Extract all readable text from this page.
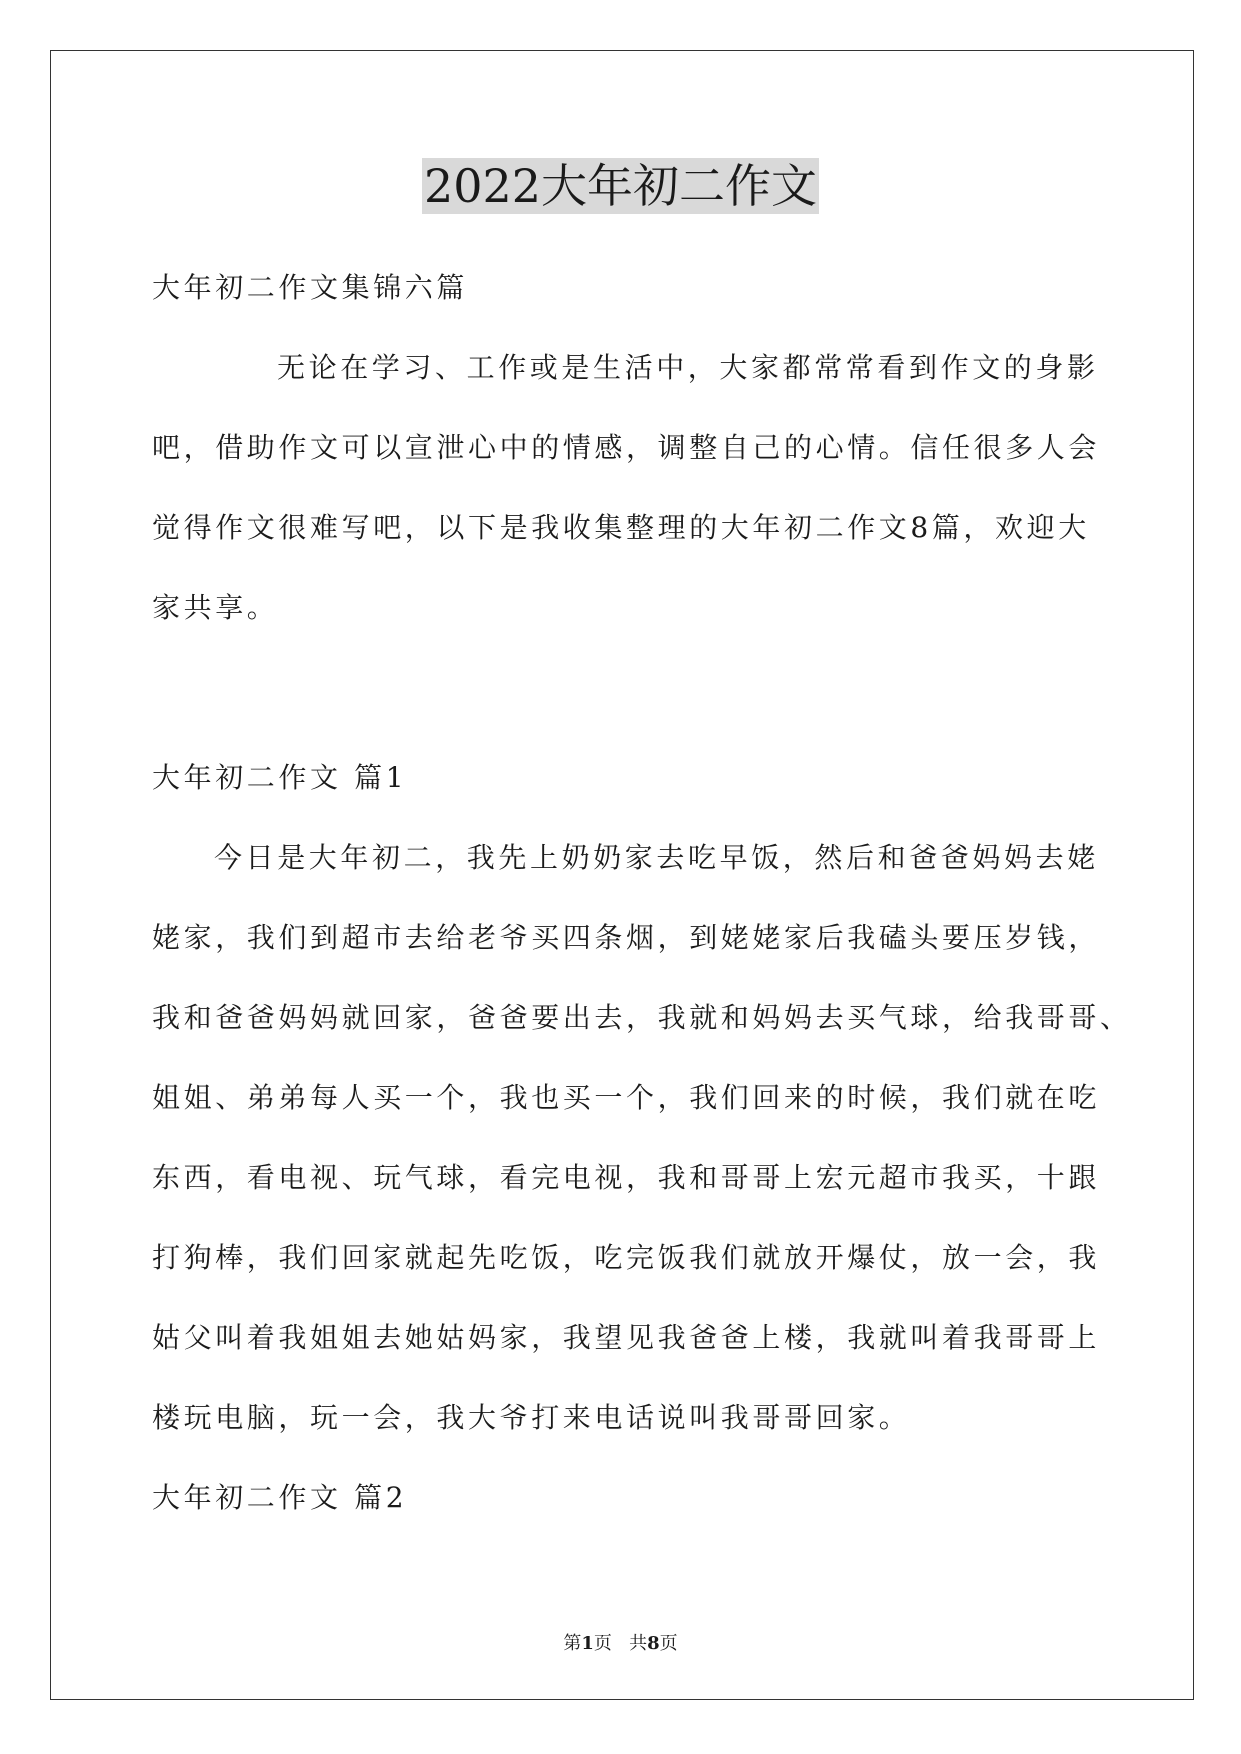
2022大年初二作文
大年初二作文集锦六篇
无论在学习、工作或是生活中，大家都常常看到作文的身影
吧，借助作文可以宣泄心中的情感，调整自己的心情。信任很多人会
觉得作文很难写吧，以下是我收集整理的大年初二作文8篇，欢迎大
家共享。
大年初二作文 篇1
今日是大年初二，我先上奶奶家去吃早饭，然后和爸爸妈妈去姥
姥家，我们到超市去给老爷买四条烟，到姥姥家后我磕头要压岁钱，
我和爸爸妈妈就回家，爸爸要出去，我就和妈妈去买气球，给我哥哥、
姐姐、弟弟每人买一个，我也买一个，我们回来的时候，我们就在吃
东西，看电视、玩气球，看完电视，我和哥哥上宏元超市我买，十跟
打狗棒，我们回家就起先吃饭，吃完饭我们就放开爆仗，放一会，我
姑父叫着我姐姐去她姑妈家，我望见我爸爸上楼，我就叫着我哥哥上
楼玩电脑，玩一会，我大爷打来电话说叫我哥哥回家。
大年初二作文 篇2
第1页   共8页
